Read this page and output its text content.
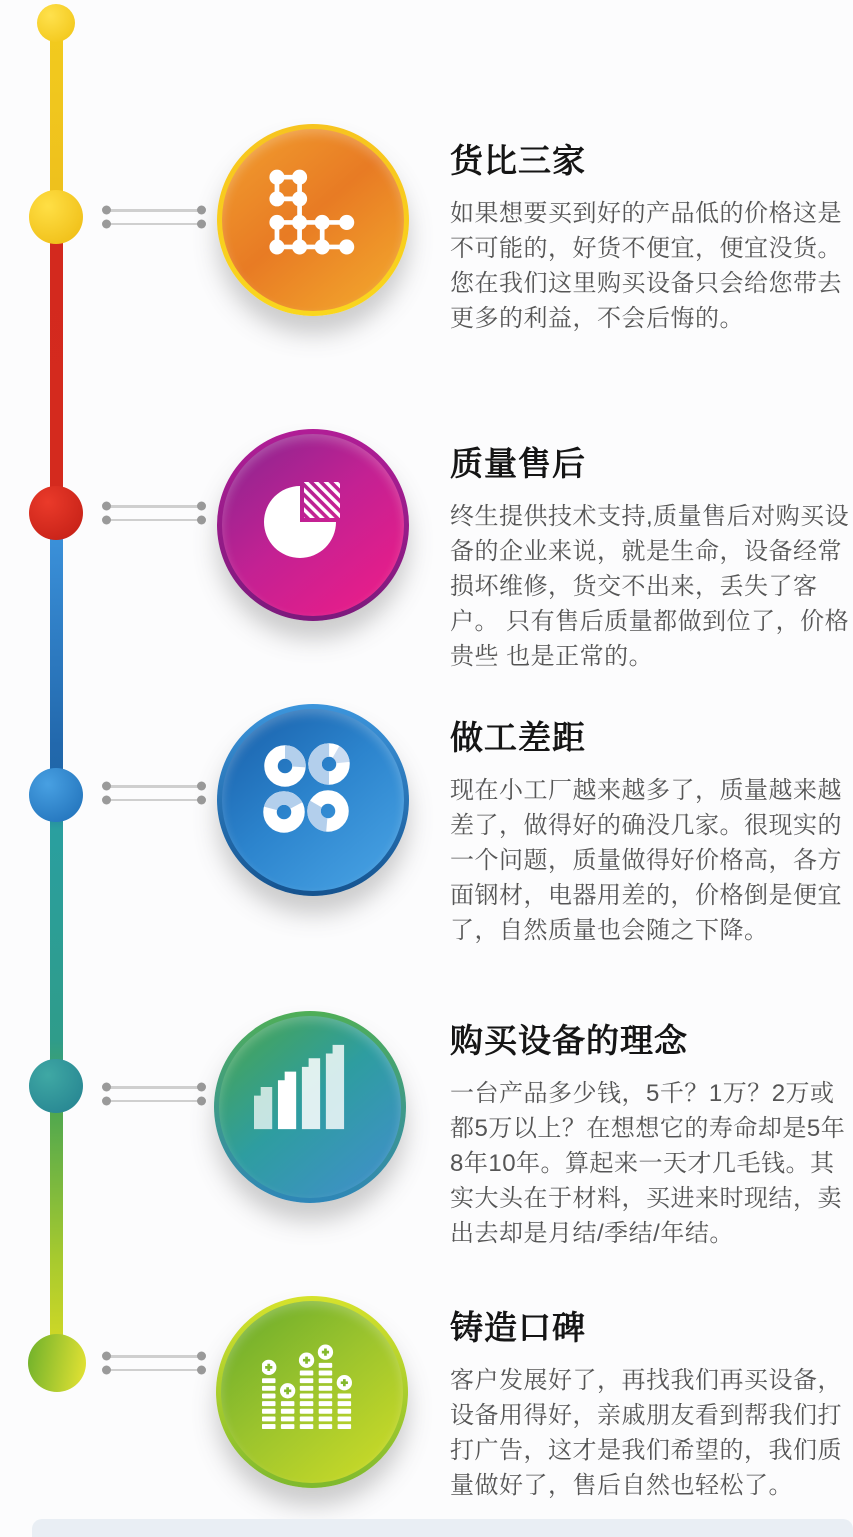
货比三家

如果想要买到好的产品低的价格这是不可能的，好货不便宜，便宜没货。 您在我们这里购买设备只会给您带去更多的利益，不会后悔的。

质量售后

终生提供技术支持,质量售后对购买设备的企业来说，就是生命，设备经常损坏维修，货交不出来，丢失了客户。 只有售后质量都做到位了，价格贵些 也是正常的。

做工差距

现在小工厂越来越多了，质量越来越差了，做得好的确没几家。很现实的一个问题，质量做得好价格高，各方面钢材，电器用差的，价格倒是便宜了，自然质量也会随之下降。

购买设备的理念

一台产品多少钱，5千？1万？2万或都5万以上？在想想它的寿命却是5年8年10年。算起来一天才几毛钱。其实大头在于材料，买进来时现结，卖出去却是月结/季结/年结。

铸造口碑

客户发展好了，再找我们再买设备，设备用得好，亲戚朋友看到帮我们打打广告，这才是我们希望的，我们质量做好了，售后自然也轻松了。
